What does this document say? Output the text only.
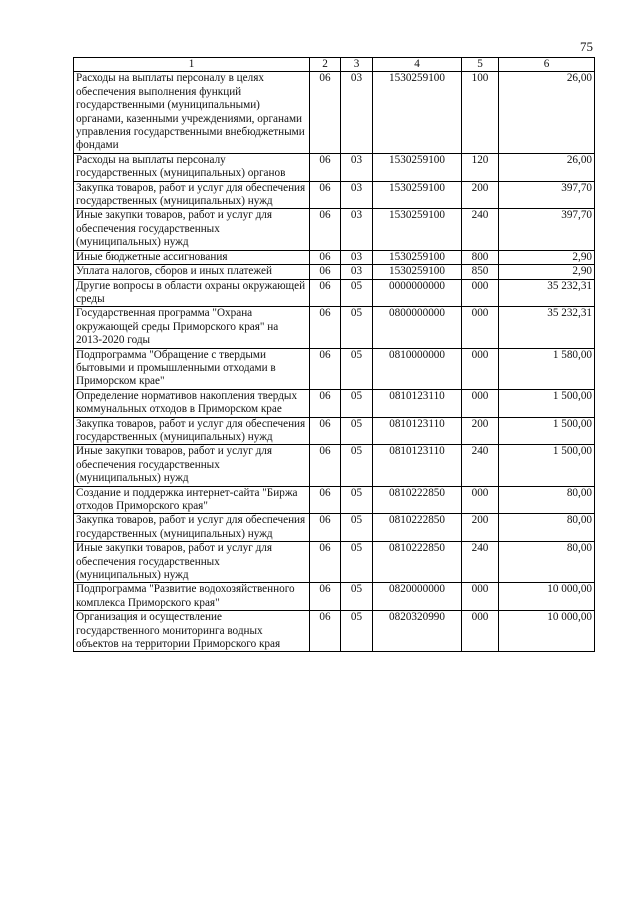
75
1	2	3	4	5	6
Расходы на выплаты персоналу в целях обеспечения выполнения функций государственными (муниципальными) органами, казенными учреждениями, органами управления государственными внебюджетными фондами	06	03	1530259100	100	26,00
Расходы на выплаты персоналу государственных (муниципальных) органов	06	03	1530259100	120	26,00
Закупка товаров, работ и услуг для обеспечения государственных (муниципальных) нужд	06	03	1530259100	200	397,70
Иные закупки товаров, работ и услуг для обеспечения государственных (муниципальных) нужд	06	03	1530259100	240	397,70
Иные бюджетные ассигнования	06	03	1530259100	800	2,90
Уплата налогов, сборов и иных платежей	06	03	1530259100	850	2,90
Другие вопросы в области охраны окружающей среды	06	05	0000000000	000	35 232,31
Государственная программа "Охрана окружающей среды Приморского края" на 2013-2020 годы	06	05	0800000000	000	35 232,31
Подпрограмма "Обращение с твердыми бытовыми и промышленными отходами в Приморском крае"	06	05	0810000000	000	1 580,00
Определение нормативов накопления твердых коммунальных отходов в Приморском крае	06	05	0810123110	000	1 500,00
Закупка товаров, работ и услуг для обеспечения государственных (муниципальных) нужд	06	05	0810123110	200	1 500,00
Иные закупки товаров, работ и услуг для обеспечения государственных (муниципальных) нужд	06	05	0810123110	240	1 500,00
Создание и поддержка интернет-сайта "Биржа отходов Приморского края"	06	05	0810222850	000	80,00
Закупка товаров, работ и услуг для обеспечения государственных (муниципальных) нужд	06	05	0810222850	200	80,00
Иные закупки товаров, работ и услуг для обеспечения государственных (муниципальных) нужд	06	05	0810222850	240	80,00
Подпрограмма "Развитие водохозяйственного комплекса Приморского края"	06	05	0820000000	000	10 000,00
Организация и осуществление государственного мониторинга водных объектов на территории Приморского края	06	05	0820320990	000	10 000,00
